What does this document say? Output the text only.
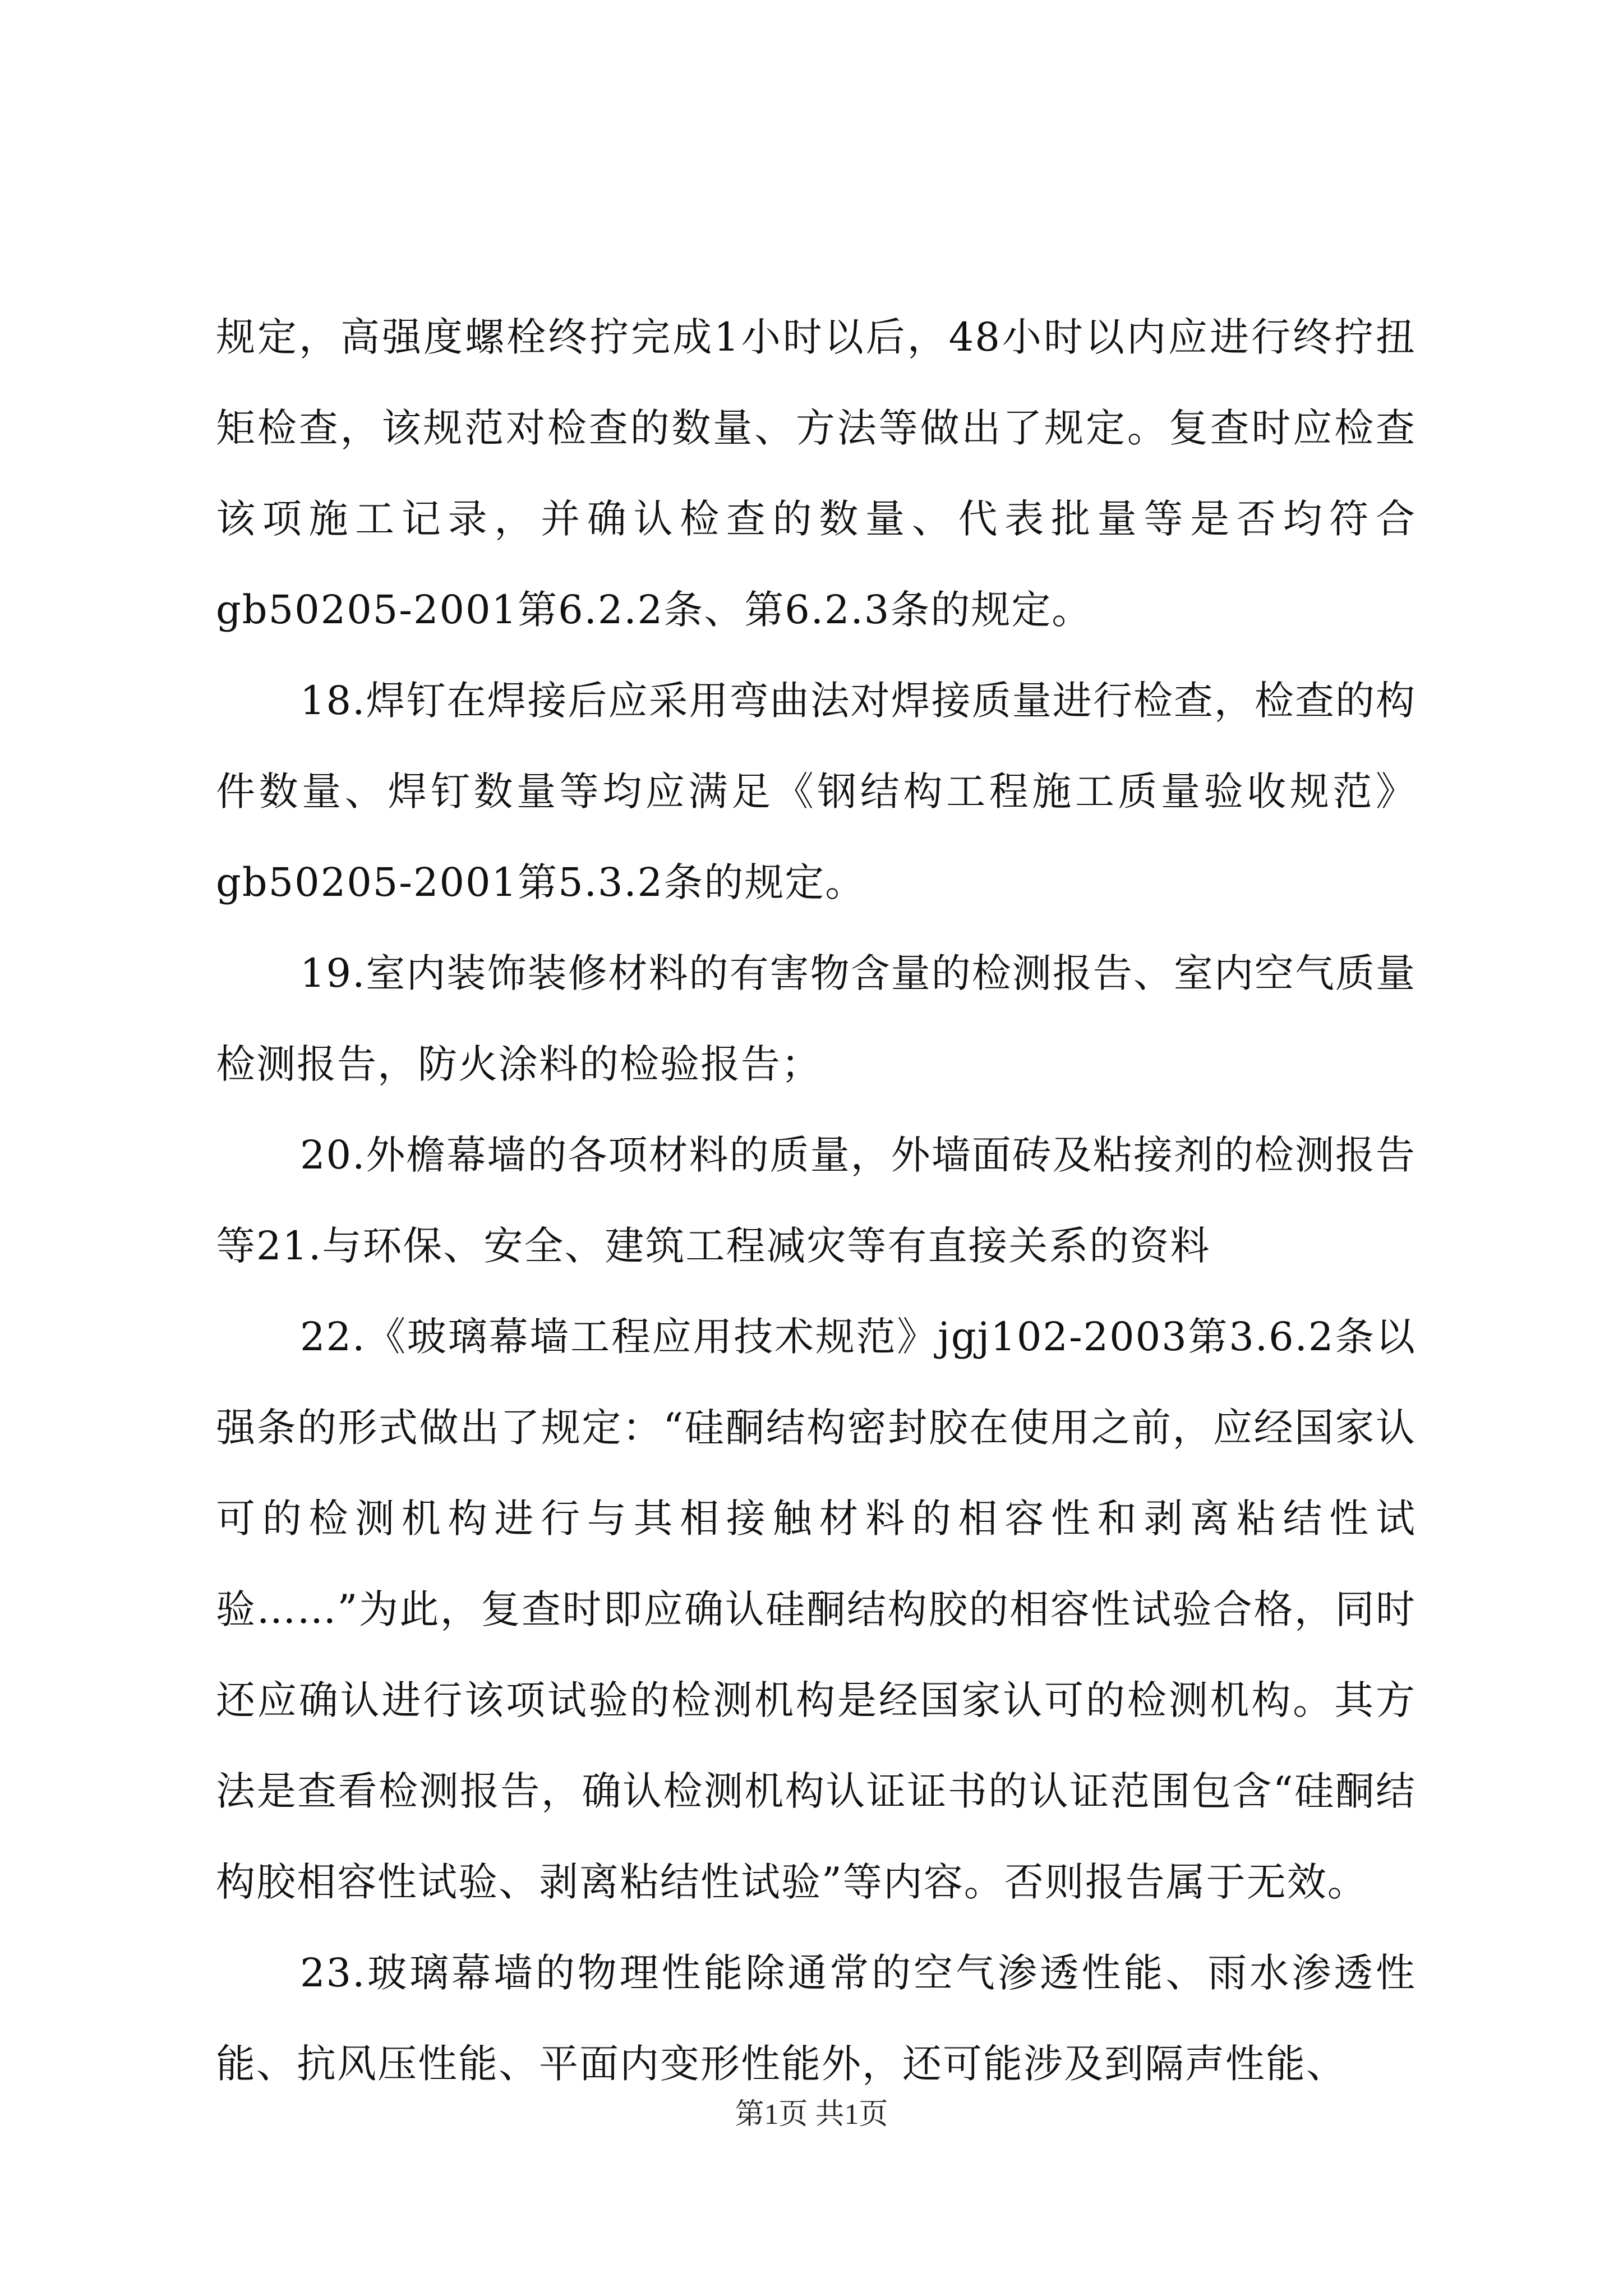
规定，高强度螺栓终拧完成1小时以后，48小时以内应进行终拧扭矩检查，该规范对检查的数量、方法等做出了规定。复查时应检查该项施工记录，并确认检查的数量、代表批量等是否均符合gb50205-2001第6.2.2条、第6.2.3条的规定。

18.焊钉在焊接后应采用弯曲法对焊接质量进行检查，检查的构件数量、焊钉数量等均应满足《钢结构工程施工质量验收规范》gb50205-2001第5.3.2条的规定。

19.室内装饰装修材料的有害物含量的检测报告、室内空气质量检测报告，防火涂料的检验报告；

20.外檐幕墙的各项材料的质量，外墙面砖及粘接剂的检测报告等21.与环保、安全、建筑工程减灾等有直接关系的资料

22.《玻璃幕墙工程应用技术规范》jgj102-2003第3.6.2条以强条的形式做出了规定：“硅酮结构密封胶在使用之前，应经国家认可的检测机构进行与其相接触材料的相容性和剥离粘结性试验……”为此，复查时即应确认硅酮结构胶的相容性试验合格，同时还应确认进行该项试验的检测机构是经国家认可的检测机构。其方法是查看检测报告，确认检测机构认证证书的认证范围包含“硅酮结构胶相容性试验、剥离粘结性试验”等内容。否则报告属于无效。

23.玻璃幕墙的物理性能除通常的空气渗透性能、雨水渗透性能、抗风压性能、平面内变形性能外，还可能涉及到隔声性能、

第1页 共1页
